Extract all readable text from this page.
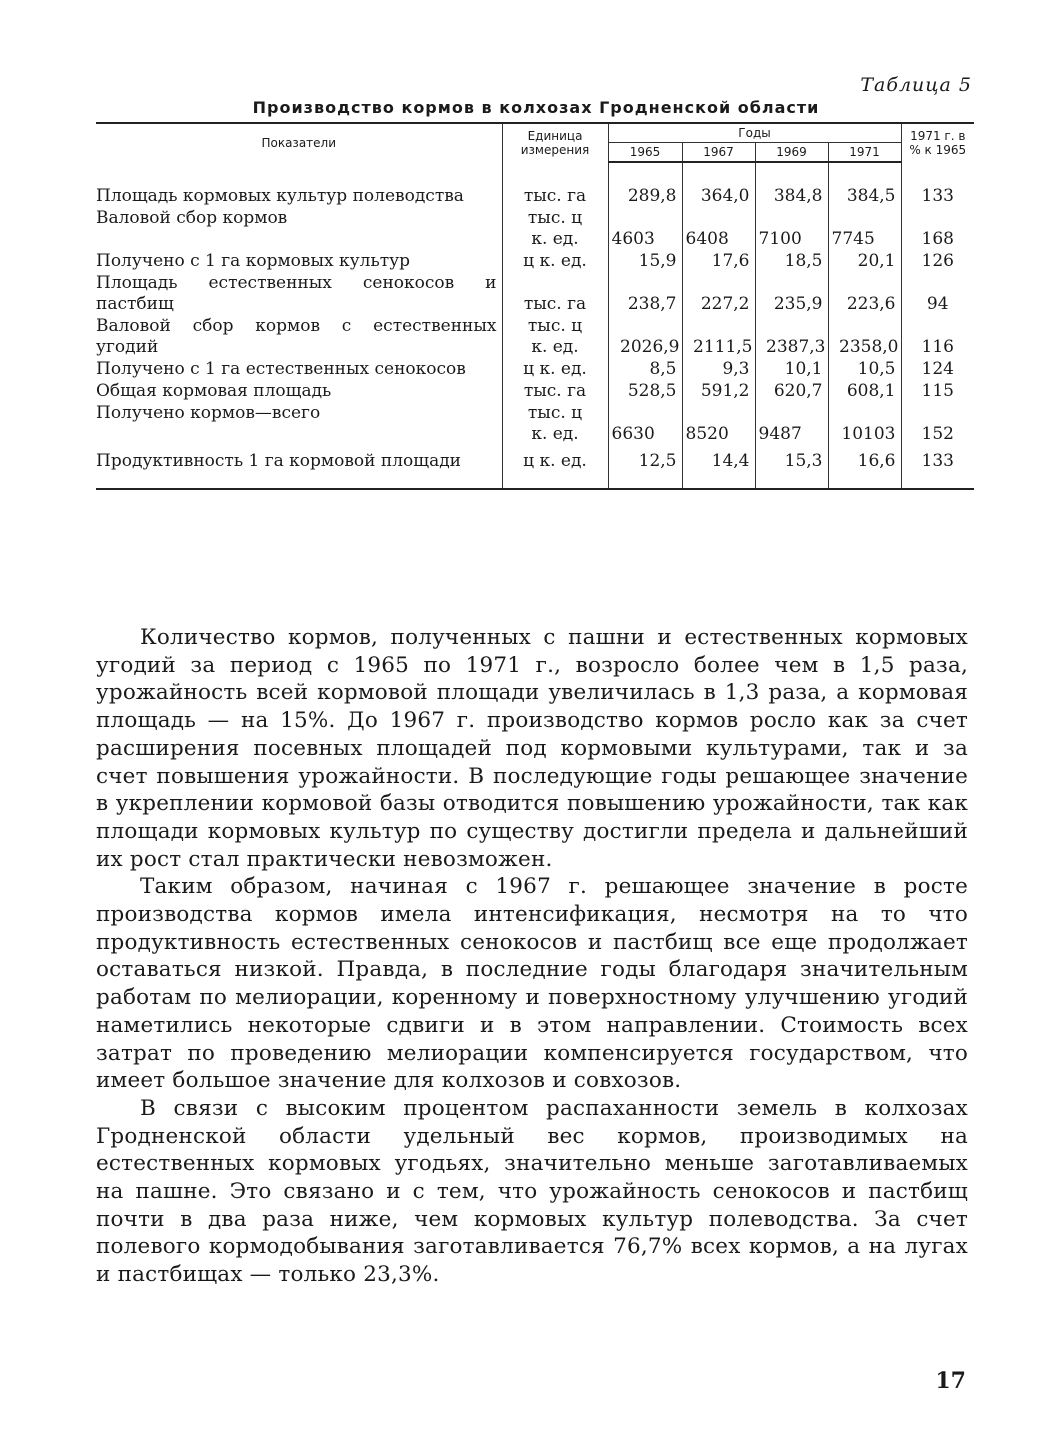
Таблица 5
Производство кормов в колхозах Гродненской области
Показатели	Единица измерения	Годы				1971 г. в % к 1965
		1965	1967	1969	1971	

Площадь кормовых культур полеводства	тыс. га	289,8	364,0	384,8	384,5	133
Валовой сбор кормов	тыс. ц к. ед.	4603	6408	7100	7745	168
Получено с 1 га кормовых культур	ц к. ед.	15,9	17,6	18,5	20,1	126
Площадь естественных сенокосов и пастбищ	тыс. га	238,7	227,2	235,9	223,6	94
Валовой сбор кормов с естественных угодий	тыс. ц к. ед.	2026,9	2111,5	2387,3	2358,0	116
Получено с 1 га естественных сенокосов	ц к. ед.	8,5	9,3	10,1	10,5	124
Общая кормовая площадь	тыс. га	528,5	591,2	620,7	608,1	115
Получено кормов—всего	тыс. ц к. ед.	6630	8520	9487	10103	152
Продуктивность 1 га кормовой площади	ц к. ед.	12,5	14,4	15,3	16,6	133

Количество кормов, полученных с пашни и естественных кормовых угодий за период с 1965 по 1971 г., возросло более чем в 1,5 раза, урожайность всей кормовой площади увеличилась в 1,3 раза, а кормовая площадь — на 15%. До 1967 г. производство кормов росло как за счет расширения посевных площадей под кормовыми культурами, так и за счет повышения урожайности. В последующие годы решающее значение в укреплении кормовой базы отводится повышению урожайности, так как площади кормовых культур по существу достигли предела и дальнейший их рост стал практически невозможен.

Таким образом, начиная с 1967 г. решающее значение в росте производства кормов имела интенсификация, несмотря на то что продуктивность естественных сенокосов и пастбищ все еще продолжает оставаться низкой. Правда, в последние годы благодаря значительным работам по мелиорации, коренному и поверхностному улучшению угодий наметились некоторые сдвиги и в этом направлении. Стоимость всех затрат по проведению мелиорации компенсируется государством, что имеет большое значение для колхозов и совхозов.

В связи с высоким процентом распаханности земель в колхозах Гродненской области удельный вес кормов, производимых на естественных кормовых угодьях, значительно меньше заготавливаемых на пашне. Это связано и с тем, что урожайность сенокосов и пастбищ почти в два раза ниже, чем кормовых культур полеводства. За счет полевого кормодобывания заготавливается 76,7% всех кормов, а на лугах и пастбищах — только 23,3%.

17
